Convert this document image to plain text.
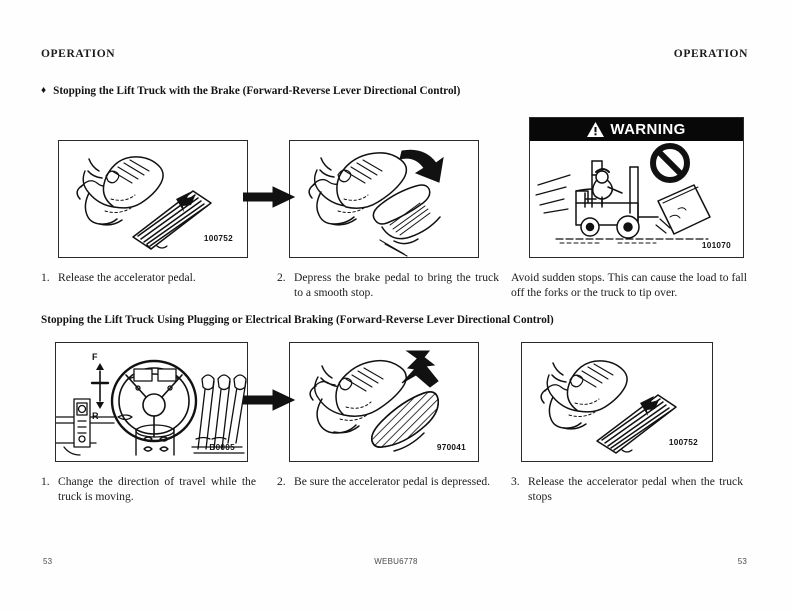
OPERATION	OPERATION
♦ Stopping the Lift Truck with the Brake (Forward-Reverse Lever Directional Control)
100752
WARNING
101070
1. Release the accelerator pedal.	2. Depress the brake pedal to bring the truck to a smooth stop.
Avoid sudden stops. This can cause the load to fall off the forks or the truck to tip over.
Stopping the Lift Truck Using Plugging or Electrical Braking (Forward-Reverse Lever Directional Control)
F
R
B0005	970041
100752
1. Change the direction of travel while the truck is moving.
2. Be sure the accelerator pedal is depressed.	3. Release the accelerator pedal when the truck stops
53	WEBU6778	53
